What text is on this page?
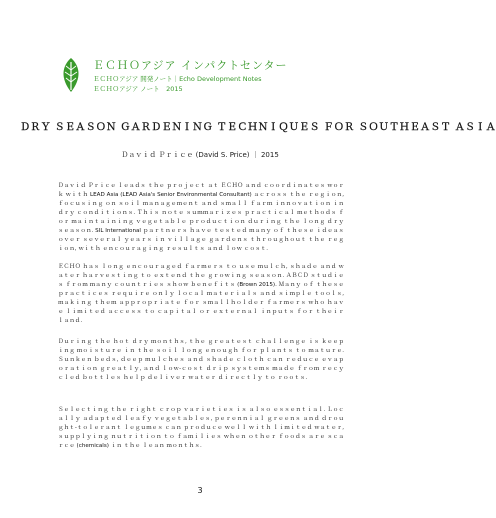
ＥＣＨＯアジア インパクトセンター
ＥＣＨＯアジア 開発ノート｜Echo Development Notes
ＥＣＨＯアジア ノート　2015
ＤＲＹ ＳＥＡＳＯＮ ＧＡＲＤＥＮＩＮＧ ＴＥＣＨＮＩＱＵＥＳ ＦＯＲ ＳＯＵＴＨＥＡＳＴ ＡＳＩＡ
Ｄａｖｉｄ Ｐｒｉｃｅ (David S. Price) ｜ 2015
Ｄａｖｉｄ Ｐｒｉｃｅ ｌｅａｄｓ ｔｈｅ ｐｒｏｊｅｃｔ ａｔ ＥＣＨＯ ａｎｄ ｃｏｏｒｄｉｎａｔｅｓ ｗｏｒｋ ｗｉｔｈ LEAD Asia (LEAD Asia's Senior Environmental Consultant) ａｃｒｏｓｓ ｔｈｅ ｒｅｇｉｏｎ, ｆｏｃｕｓｉｎｇ ｏｎ ｓｏｉｌ ｍａｎａｇｅｍｅｎｔ ａｎｄ ｓｍａｌｌ ｆａｒｍ ｉｎｎｏｖａｔｉｏｎ ｉｎ ｄｒｙ ｃｏｎｄｉｔｉｏｎｓ. Ｔｈｉｓ ｎｏｔｅ ｓｕｍｍａｒｉｚｅｓ ｐｒａｃｔｉｃａｌ ｍｅｔｈｏｄｓ ｆｏｒ ｍａｉｎｔａｉｎｉｎｇ ｖｅｇｅｔａｂｌｅ ｐｒｏｄｕｃｔｉｏｎ ｄｕｒｉｎｇ ｔｈｅ ｌｏｎｇ ｄｒｙ ｓｅａｓｏｎ. SIL International ｐａｒｔｎｅｒｓ ｈａｖｅ ｔｅｓｔｅｄ ｍａｎｙ ｏｆ ｔｈｅｓｅ ｉｄｅａｓ ｏｖｅｒ ｓｅｖｅｒａｌ ｙｅａｒｓ ｉｎ ｖｉｌｌａｇｅ ｇａｒｄｅｎｓ ｔｈｒｏｕｇｈｏｕｔ ｔｈｅ ｒｅｇｉｏｎ, ｗｉｔｈ ｅｎｃｏｕｒａｇｉｎｇ ｒｅｓｕｌｔｓ ａｎｄ ｌｏｗ ｃｏｓｔ.
ＥＣＨＯ ｈａｓ ｌｏｎｇ ｅｎｃｏｕｒａｇｅｄ ｆａｒｍｅｒｓ ｔｏ ｕｓｅ ｍｕｌｃｈ, ｓｈａｄｅ ａｎｄ ｗａｔｅｒ ｈａｒｖｅｓｔｉｎｇ ｔｏ ｅｘｔｅｎｄ ｔｈｅ ｇｒｏｗｉｎｇ ｓｅａｓｏｎ. ＡＢＣＤ ｓｔｕｄｉｅｓ ｆｒｏｍ ｍａｎｙ ｃｏｕｎｔｒｉｅｓ ｓｈｏｗ ｂｅｎｅｆｉｔｓ (Brown 2015). Ｍａｎｙ ｏｆ ｔｈｅｓｅ ｐｒａｃｔｉｃｅｓ ｒｅｑｕｉｒｅ ｏｎｌｙ ｌｏｃａｌ ｍａｔｅｒｉａｌｓ ａｎｄ ｓｉｍｐｌｅ ｔｏｏｌｓ, ｍａｋｉｎｇ ｔｈｅｍ ａｐｐｒｏｐｒｉａｔｅ ｆｏｒ ｓｍａｌｌｈｏｌｄｅｒ ｆａｒｍｅｒｓ ｗｈｏ ｈａｖｅ ｌｉｍｉｔｅｄ ａｃｃｅｓｓ ｔｏ ｃａｐｉｔａｌ ｏｒ ｅｘｔｅｒｎａｌ ｉｎｐｕｔｓ ｆｏｒ ｔｈｅｉｒ ｌａｎｄ.
Ｄｕｒｉｎｇ ｔｈｅ ｈｏｔ ｄｒｙ ｍｏｎｔｈｓ, ｔｈｅ ｇｒｅａｔｅｓｔ ｃｈａｌｌｅｎｇｅ ｉｓ ｋｅｅｐｉｎｇ ｍｏｉｓｔｕｒｅ ｉｎ ｔｈｅ ｓｏｉｌ ｌｏｎｇ ｅｎｏｕｇｈ ｆｏｒ ｐｌａｎｔｓ ｔｏ ｍａｔｕｒｅ. Ｓｕｎｋｅｎ ｂｅｄｓ, ｄｅｅｐ ｍｕｌｃｈｅｓ ａｎｄ ｓｈａｄｅ ｃｌｏｔｈ ｃａｎ ｒｅｄｕｃｅ ｅｖａｐｏｒａｔｉｏｎ ｇｒｅａｔｌｙ, ａｎｄ ｌｏｗ‐ｃｏｓｔ ｄｒｉｐ ｓｙｓｔｅｍｓ ｍａｄｅ ｆｒｏｍ ｒｅｃｙｃｌｅｄ ｂｏｔｔｌｅｓ ｈｅｌｐ ｄｅｌｉｖｅｒ ｗａｔｅｒ ｄｉｒｅｃｔｌｙ ｔｏ ｒｏｏｔｓ.
Ｓｅｌｅｃｔｉｎｇ ｔｈｅ ｒｉｇｈｔ ｃｒｏｐ ｖａｒｉｅｔｉｅｓ ｉｓ ａｌｓｏ ｅｓｓｅｎｔｉａｌ. Ｌｏｃａｌｌｙ ａｄａｐｔｅｄ ｌｅａｆｙ ｖｅｇｅｔａｂｌｅｓ, ｐｅｒｅｎｎｉａｌ ｇｒｅｅｎｓ ａｎｄ ｄｒｏｕｇｈｔ‐ｔｏｌｅｒａｎｔ ｌｅｇｕｍｅｓ ｃａｎ ｐｒｏｄｕｃｅ ｗｅｌｌ ｗｉｔｈ ｌｉｍｉｔｅｄ ｗａｔｅｒ, ｓｕｐｐｌｙｉｎｇ ｎｕｔｒｉｔｉｏｎ ｔｏ ｆａｍｉｌｉｅｓ ｗｈｅｎ ｏｔｈｅｒ ｆｏｏｄｓ ａｒｅ ｓｃａｒｃｅ (chemicals) ｉｎ ｔｈｅ ｌｅａｎ ｍｏｎｔｈｓ.
3
